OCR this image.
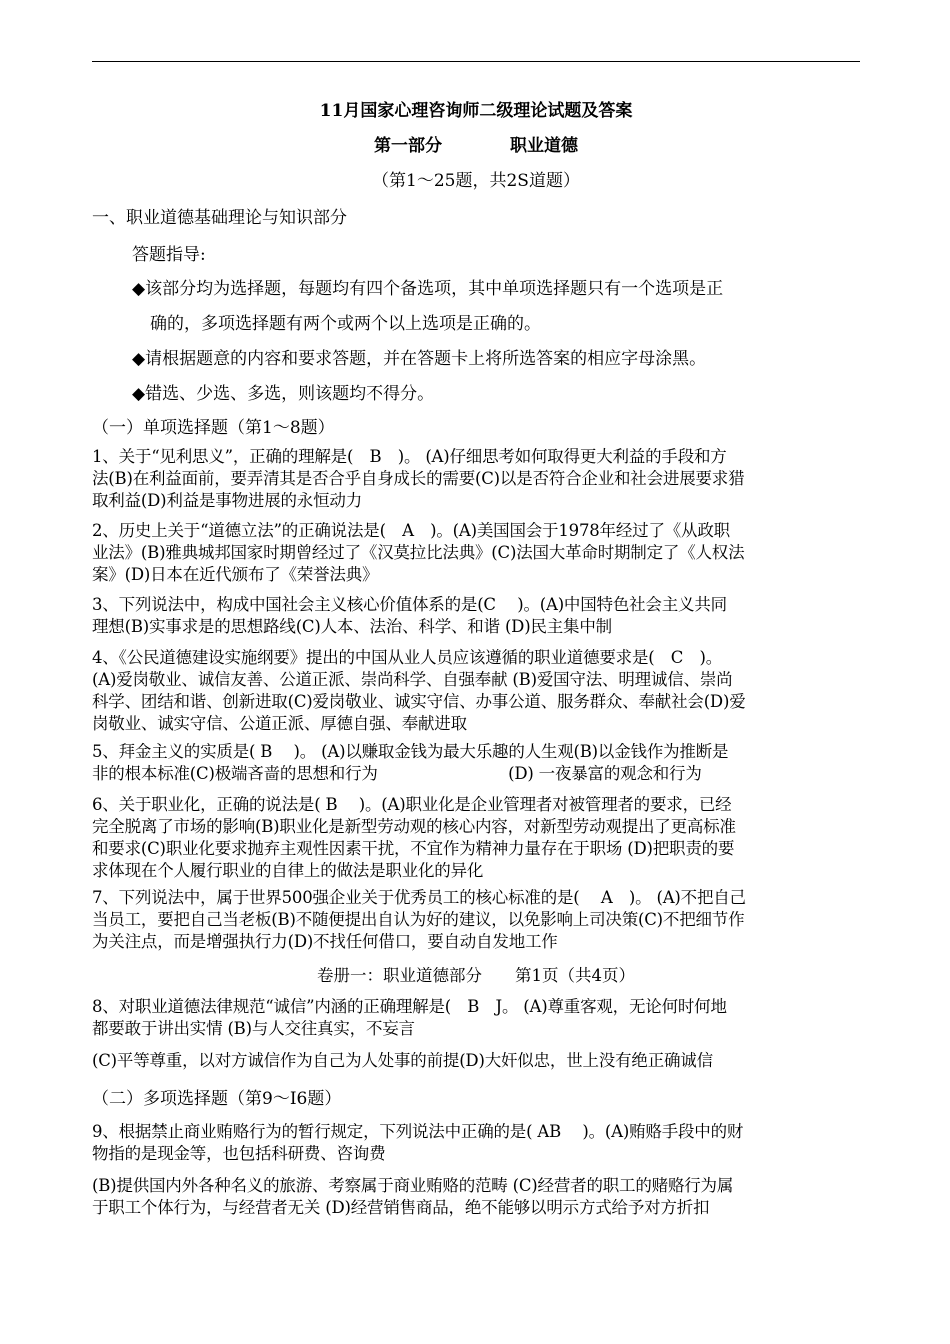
11月国家心理咨询师二级理论试题及答案
第一部分　　　　职业道德
（第1～25题，共2S道题）
一、职业道德基础理论与知识部分
答题指导:
◆该部分均为选择题，每题均有四个备选项，其中单项选择题只有一个选项是正
确的，多项选择题有两个或两个以上选项是正确的。
◆请根据题意的内容和要求答题，并在答题卡上将所选答案的相应字母涂黑。
◆错选、少选、多选，则该题均不得分。
（一）单项选择题（第1～8题）
1、关于“见利思义”，正确的理解是(　B　)。 (A)仔细思考如何取得更大利益的手段和方
法(B)在利益面前，要弄清其是否合乎自身成长的需要(C)以是否符合企业和社会进展要求猎
取利益(D)利益是事物进展的永恒动力
2、历史上关于“道德立法”的正确说法是(　A　)。(A)美国国会于1978年经过了《从政职
业法》(B)雅典城邦国家时期曾经过了《汉莫拉比法典》(C)法国大革命时期制定了《人权法
案》(D)日本在近代颁布了《荣誉法典》
3、下列说法中，构成中国社会主义核心价值体系的是(C　 )。(A)中国特色社会主义共同
理想(B)实事求是的思想路线(C)人本、法治、科学、和谐 (D)民主集中制
4、《公民道德建设实施纲要》提出的中国从业人员应该遵循的职业道德要求是(　C　)。
(A)爱岗敬业、诚信友善、公道正派、崇尚科学、自强奉献 (B)爱国守法、明理诚信、崇尚
科学、团结和谐、创新进取(C)爱岗敬业、诚实守信、办事公道、服务群众、奉献社会(D)爱
岗敬业、诚实守信、公道正派、厚德自强、奉献进取
5、拜金主义的实质是( B　 )。 (A)以赚取金钱为最大乐趣的人生观(B)以金钱作为推断是
非的根本标准(C)极端吝啬的思想和行为　　　　　　　　(D) 一夜暴富的观念和行为
6、关于职业化，正确的说法是( B　 )。(A)职业化是企业管理者对被管理者的要求，已经
完全脱离了市场的影响(B)职业化是新型劳动观的核心内容，对新型劳动观提出了更高标准
和要求(C)职业化要求抛弃主观性因素干扰，不宜作为精神力量存在于职场 (D)把职责的要
求体现在个人履行职业的自律上的做法是职业化的异化
7、下列说法中，属于世界500强企业关于优秀员工的核心标准的是(　 A　)。 (A)不把自己
当员工，要把自己当老板(B)不随便提出自认为好的建议，以免影响上司决策(C)不把细节作
为关注点，而是增强执行力(D)不找任何借口，要自动自发地工作
卷册一：职业道德部分　　第1页（共4页）
8、对职业道德法律规范“诚信”内涵的正确理解是(　B　J。 (A)尊重客观，无论何时何地
都要敢于讲出实情 (B)与人交往真实，不妄言
(C)平等尊重，以对方诚信作为自己为人处事的前提(D)大奸似忠，世上没有绝正确诚信
（二）多项选择题（第9～I6题）
9、根据禁止商业贿赂行为的暂行规定，下列说法中正确的是( AB　 )。(A)贿赂手段中的财
物指的是现金等，也包括科研费、咨询费
(B)提供国内外各种名义的旅游、考察属于商业贿赂的范畴 (C)经营者的职工的赌赂行为属
于职工个体行为，与经营者无关 (D)经营销售商品，绝不能够以明示方式给予对方折扣
